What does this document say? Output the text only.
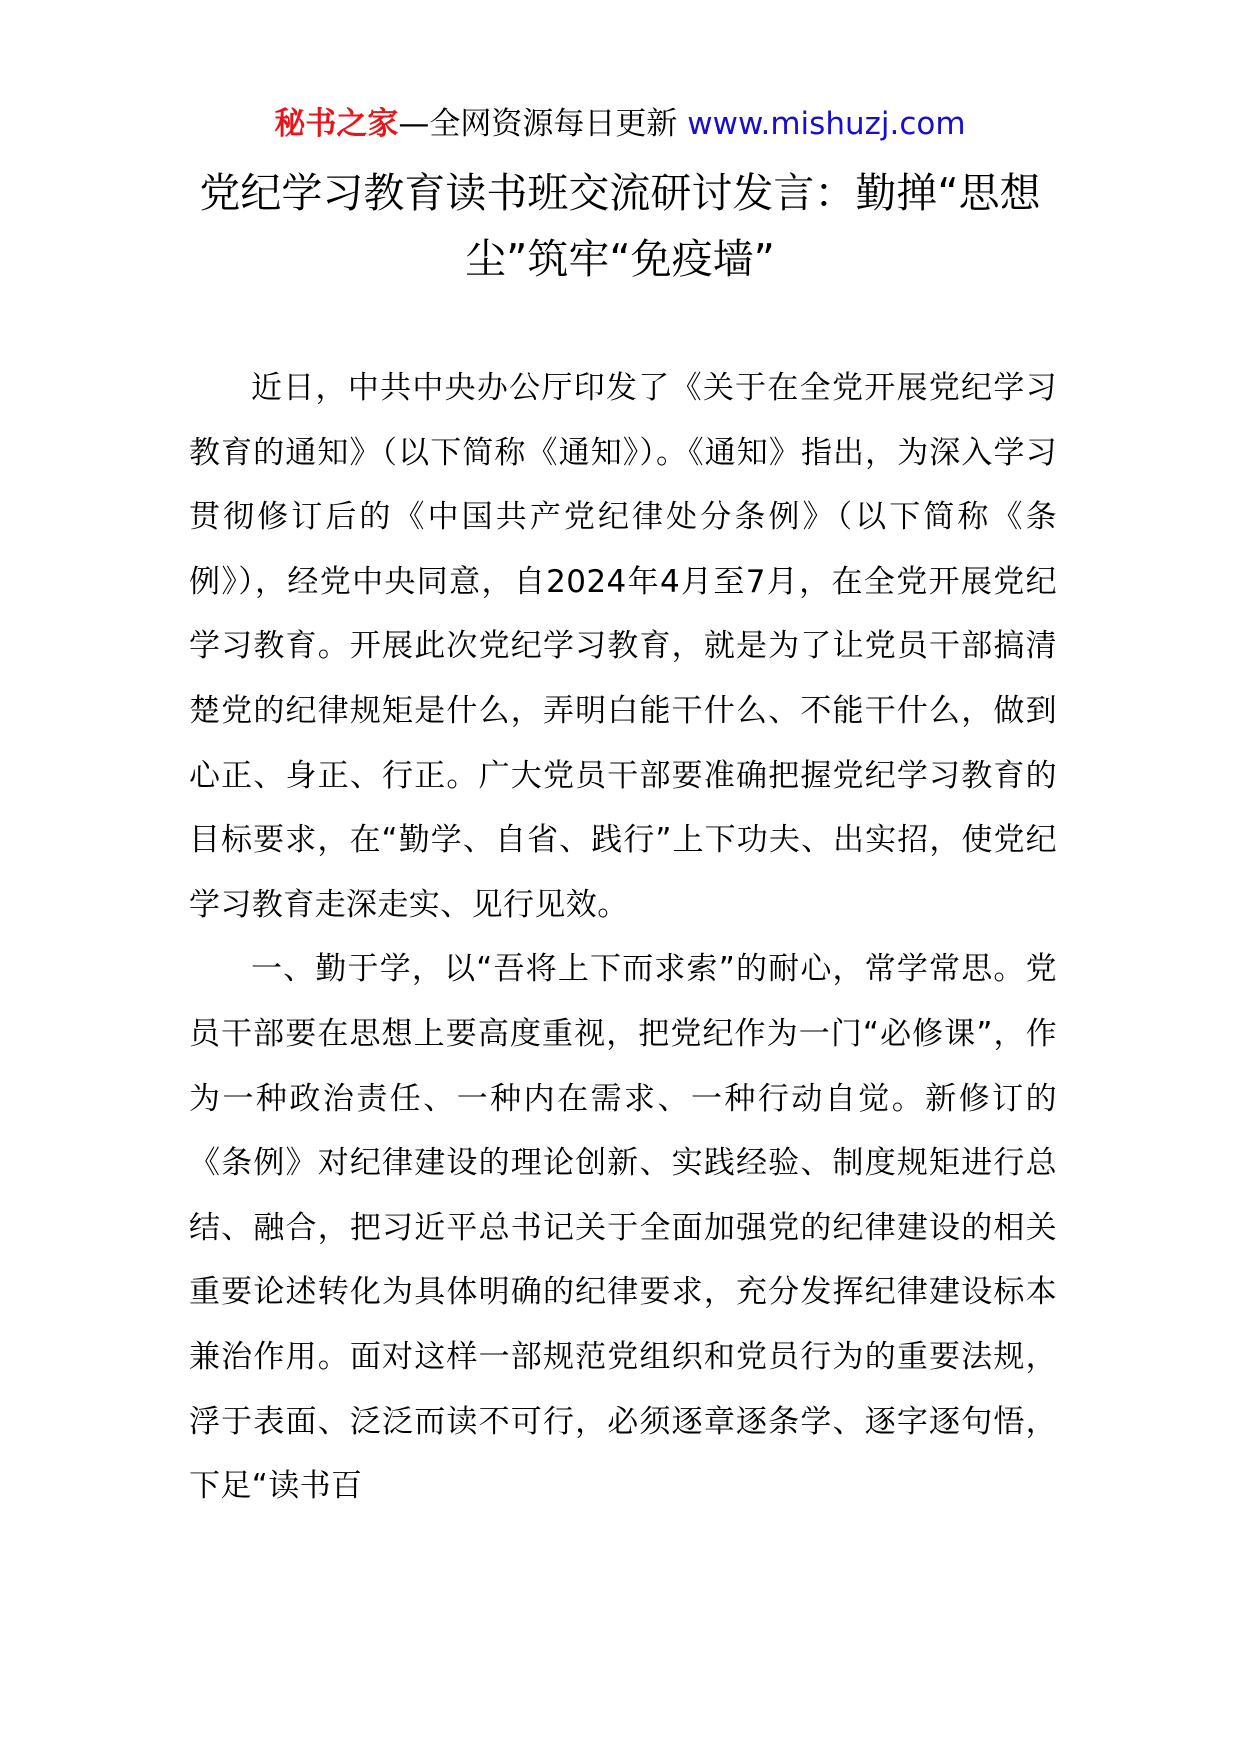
秘书之家—全网资源每日更新 www.mishuzj.com
党纪学习教育读书班交流研讨发言：勤掸“思想尘”筑牢“免疫墙”

近日，中共中央办公厅印发了《关于在全党开展党纪学习教育的通知》（以下简称《通知》）。《通知》指出，为深入学习贯彻修订后的《中国共产党纪律处分条例》（以下简称《条例》），经党中央同意，自2024年4月至7月，在全党开展党纪学习教育。开展此次党纪学习教育，就是为了让党员干部搞清楚党的纪律规矩是什么，弄明白能干什么、不能干什么，做到心正、身正、行正。广大党员干部要准确把握党纪学习教育的目标要求，在“勤学、自省、践行”上下功夫、出实招，使党纪学习教育走深走实、见行见效。

一、勤于学，以“吾将上下而求索”的耐心，常学常思。党员干部要在思想上要高度重视，把党纪作为一门“必修课”，作为一种政治责任、一种内在需求、一种行动自觉。新修订的《条例》对纪律建设的理论创新、实践经验、制度规矩进行总结、融合，把习近平总书记关于全面加强党的纪律建设的相关重要论述转化为具体明确的纪律要求，充分发挥纪律建设标本兼治作用。面对这样一部规范党组织和党员行为的重要法规，浮于表面、泛泛而读不可行，必须逐章逐条学、逐字逐句悟，下足“读书百
